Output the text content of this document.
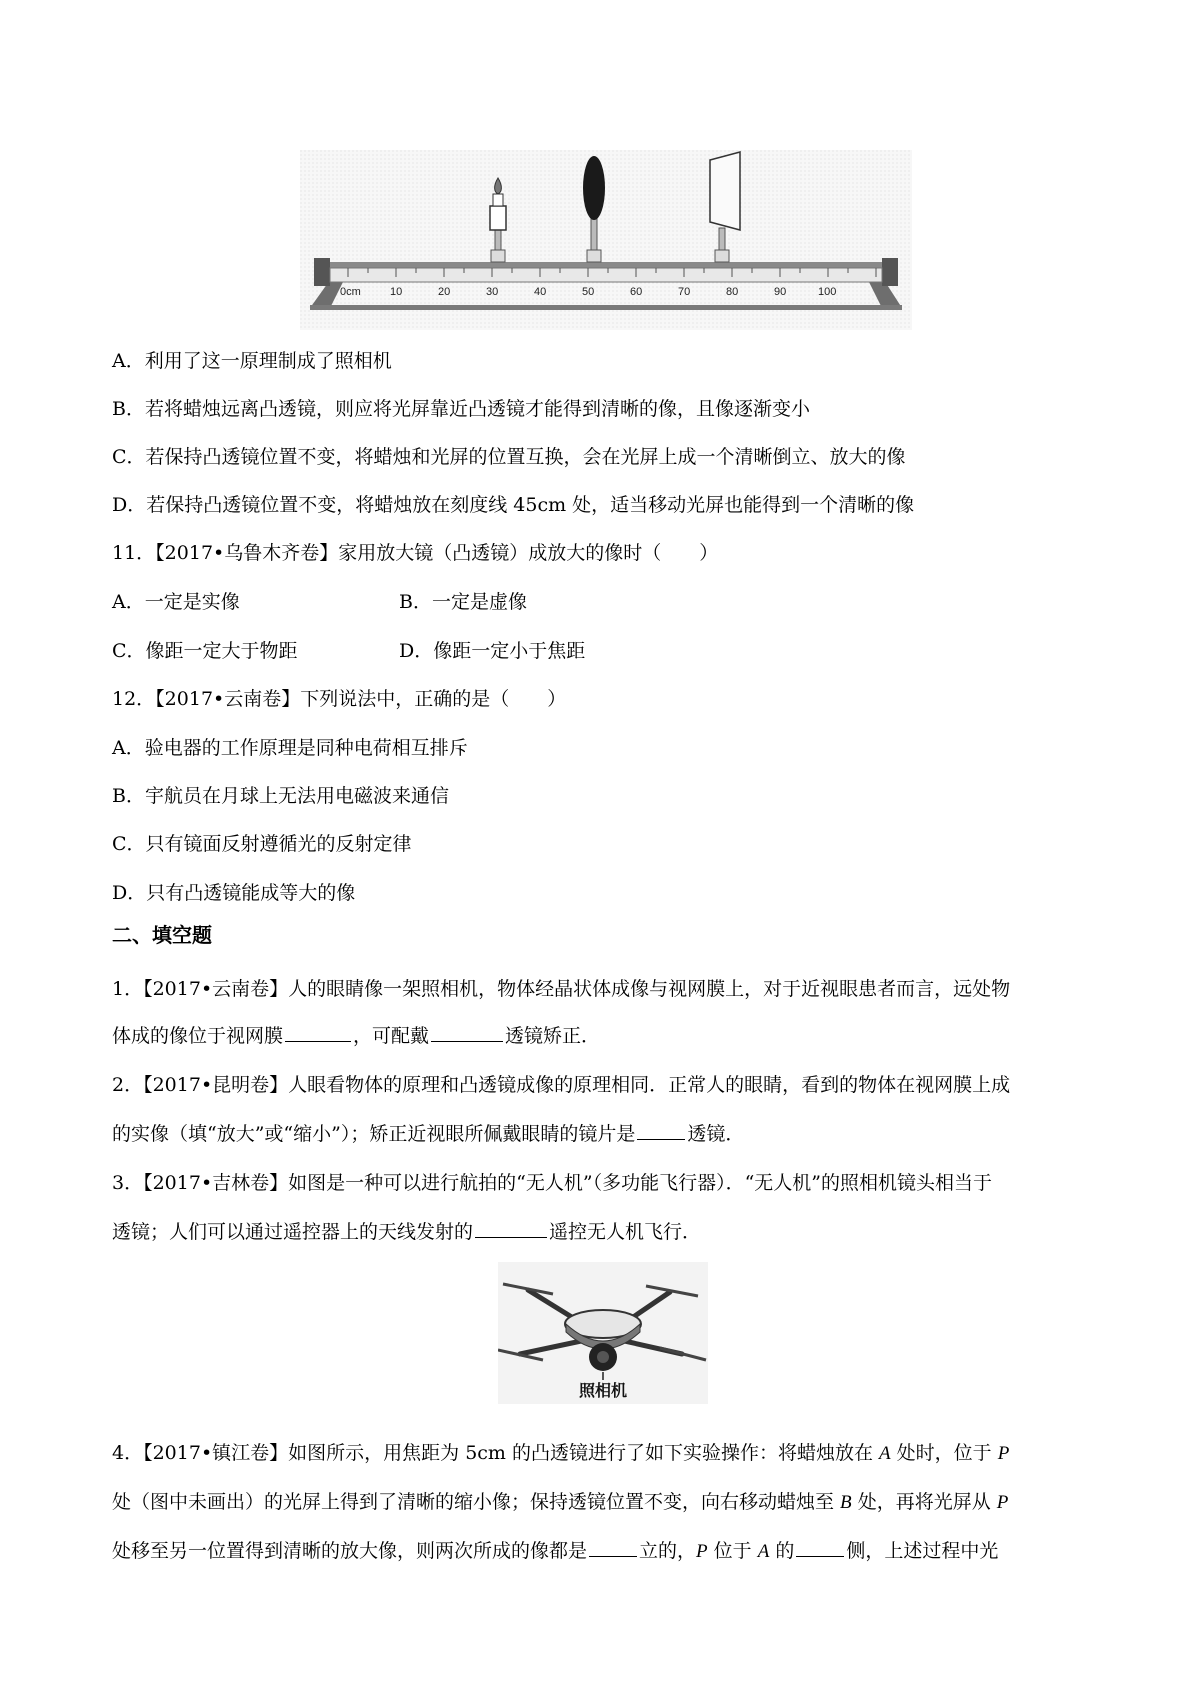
0cm	10	20	30	40	50	60	70	80	90	100
A．利用了这一原理制成了照相机
B．若将蜡烛远离凸透镜，则应将光屏靠近凸透镜才能得到清晰的像，且像逐渐变小
C．若保持凸透镜位置不变，将蜡烛和光屏的位置互换，会在光屏上成一个清晰倒立、放大的像
D．若保持凸透镜位置不变，将蜡烛放在刻度线 45cm 处，适当移动光屏也能得到一个清晰的像
11．【2017•乌鲁木齐卷】家用放大镜（凸透镜）成放大的像时（　　）
A．一定是实像	B．一定是虚像
C．像距一定大于物距	D．像距一定小于焦距
12．【2017•云南卷】下列说法中，正确的是（　　）
A．验电器的工作原理是同种电荷相互排斥
B．宇航员在月球上无法用电磁波来通信
C．只有镜面反射遵循光的反射定律
D．只有凸透镜能成等大的像
二、填空题
1．【2017•云南卷】人的眼睛像一架照相机，物体经晶状体成像与视网膜上，对于近视眼患者而言，远处物
体成的像位于视网膜	，可配戴	透镜矫正．
2．【2017•昆明卷】人眼看物体的原理和凸透镜成像的原理相同．正常人的眼睛，看到的物体在视网膜上成
的实像（填“放大”或“缩小”）；矫正近视眼所佩戴眼睛的镜片是	透镜．
3．【2017•吉林卷】如图是一种可以进行航拍的“无人机”（多功能飞行器）．“无人机”的照相机镜头相当于
透镜；人们可以通过遥控器上的天线发射的	遥控无人机飞行．
照相机
4．【2017•镇江卷】如图所示，用焦距为 5cm 的凸透镜进行了如下实验操作：将蜡烛放在 A 处时，位于 P
处（图中未画出）的光屏上得到了清晰的缩小像；保持透镜位置不变，向右移动蜡烛至 B 处，再将光屏从 P
处移至另一位置得到清晰的放大像，则两次所成的像都是	立的，P 位于 A 的	侧，上述过程中光
